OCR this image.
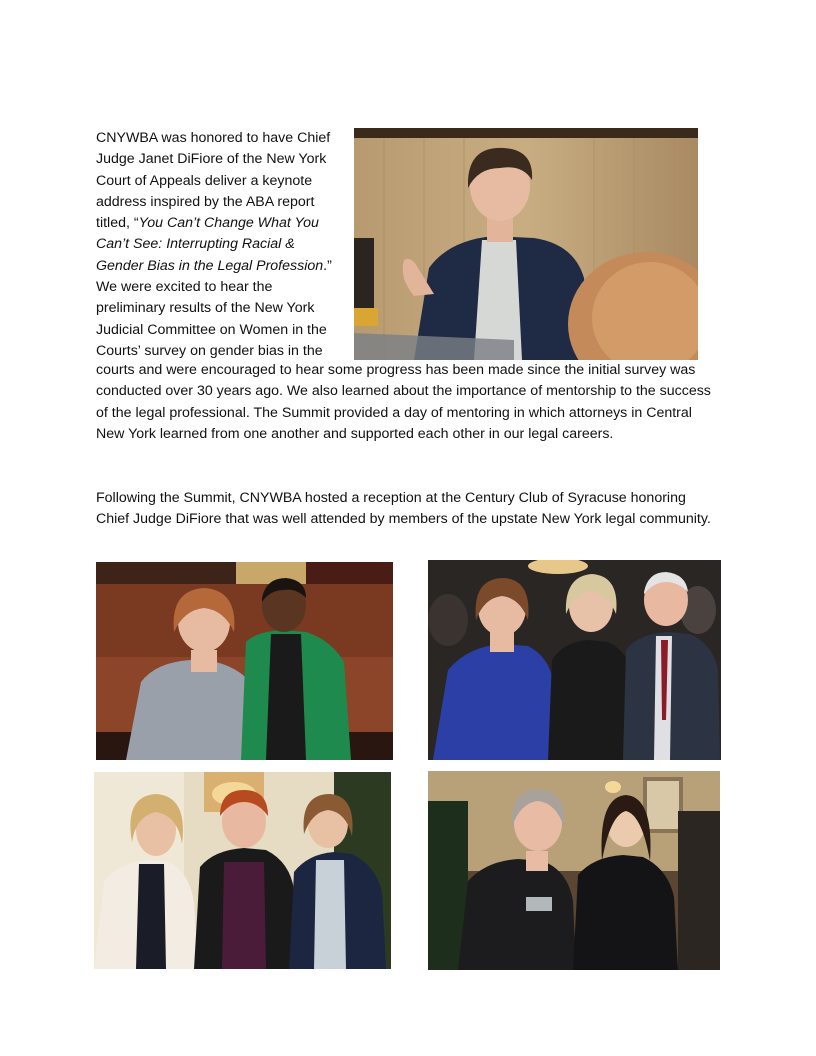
CNYWBA was honored to have Chief

Judge Janet DiFiore of the New York

Court of Appeals deliver a keynote

address inspired by the ABA report

titled, “You Can’t Change What You

Can’t See: Interrupting Racial &

Gender Bias in the Legal Profession.”

We were excited to hear the

preliminary results of the New York

Judicial Committee on Women in the

Courts’ survey on gender bias in the

courts and were encouraged to hear some progress has been made since the initial survey was

conducted over 30 years ago. We also learned about the importance of mentorship to the success

of the legal professional. The Summit provided a day of mentoring in which attorneys in Central

New York learned from one another and supported each other in our legal careers.

Following the Summit, CNYWBA hosted a reception at the Century Club of Syracuse honoring

Chief Judge DiFiore that was well attended by members of the upstate New York legal community.
